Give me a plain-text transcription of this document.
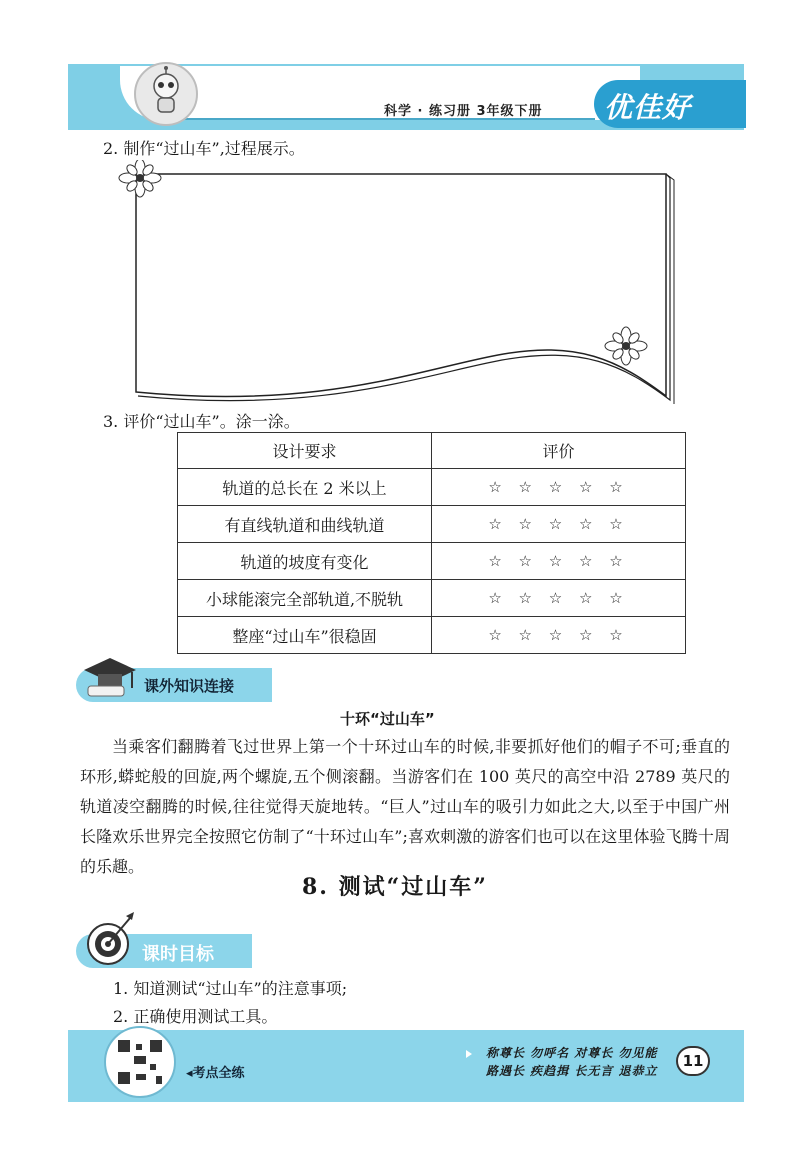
科学 · 练习册 3年级下册 优佳好
2. 制作“过山车”,过程展示。
3. 评价“过山车”。涂一涂。
设计要求	评价
轨道的总长在 2 米以上	☆ ☆ ☆ ☆ ☆
有直线轨道和曲线轨道	☆ ☆ ☆ ☆ ☆
轨道的坡度有变化	☆ ☆ ☆ ☆ ☆
小球能滚完全部轨道,不脱轨	☆ ☆ ☆ ☆ ☆
整座“过山车”很稳固	☆ ☆ ☆ ☆ ☆
课外知识连接
十环“过山车”
当乘客们翻腾着飞过世界上第一个十环过山车的时候,非要抓好他们的帽子不可;垂直的环形,蟒蛇般的回旋,两个螺旋,五个侧滚翻。当游客们在 100 英尺的高空中沿 2789 英尺的轨道凌空翻腾的时候,往往觉得天旋地转。“巨人”过山车的吸引力如此之大,以至于中国广州长隆欢乐世界完全按照它仿制了“十环过山车”;喜欢刺激的游客们也可以在这里体验飞腾十周的乐趣。
8. 测试“过山车”
课时目标
1. 知道测试“过山车”的注意事项;
2. 正确使用测试工具。
◂考点全练
称尊长 勿呼名 对尊长 勿见能
路遇长 疾趋揖 长无言 退恭立
11
